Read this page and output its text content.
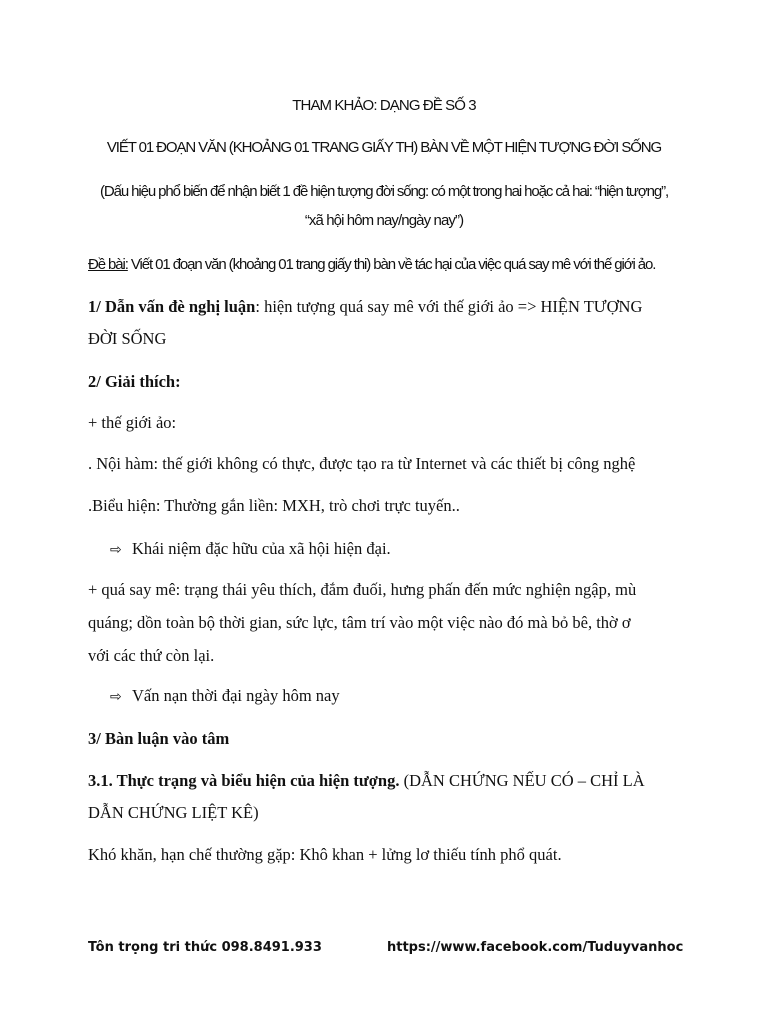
THAM KHẢO: DẠNG ĐỀ SỐ 3
VIẾT 01 ĐOẠN VĂN (KHOẢNG 01 TRANG GIẤY TH) BÀN VỀ MỘT HIỆN TƯỢNG ĐỜI SỐNG
(Dấu hiệu phổ biến để nhận biết 1 đề hiện tượng đời sống: có một trong hai hoặc cả hai: “hiện tượng”,
“xã hội hôm nay/ngày nay”)
Đề bài: Viết 01 đoạn văn (khoảng 01 trang giấy thi) bàn về tác hại của việc quá say mê với thế giới ảo.
1/ Dẫn vấn đè nghị luận: hiện tượng quá say mê với thế giới ảo => HIỆN TƯỢNG
ĐỜI SỐNG
2/ Giải thích:
+ thế giới ảo:
. Nội hàm: thế giới không có thực, được tạo ra từ Internet và các thiết bị công nghệ
.Biểu hiện: Thường gắn liền: MXH, trò chơi trực tuyến..
⇨ Khái niệm đặc hữu của xã hội hiện đại.
+ quá say mê: trạng thái yêu thích, đắm đuối, hưng phấn đến mức nghiện ngập, mù
quáng; dồn toàn bộ thời gian, sức lực, tâm trí vào một việc nào đó mà bỏ bê, thờ ơ
với các thứ còn lại.
⇨ Vấn nạn thời đại ngày hôm nay
3/ Bàn luận vào tâm
3.1. Thực trạng và biểu hiện của hiện tượng. (DẪN CHỨNG NẾU CÓ – CHỈ LÀ
DẪN CHỨNG LIỆT KÊ)
Khó khăn, hạn chế thường gặp: Khô khan + lửng lơ thiếu tính phổ quát.
Tôn trọng tri thức 098.8491.933	https://www.facebook.com/Tuduyvanhoc
